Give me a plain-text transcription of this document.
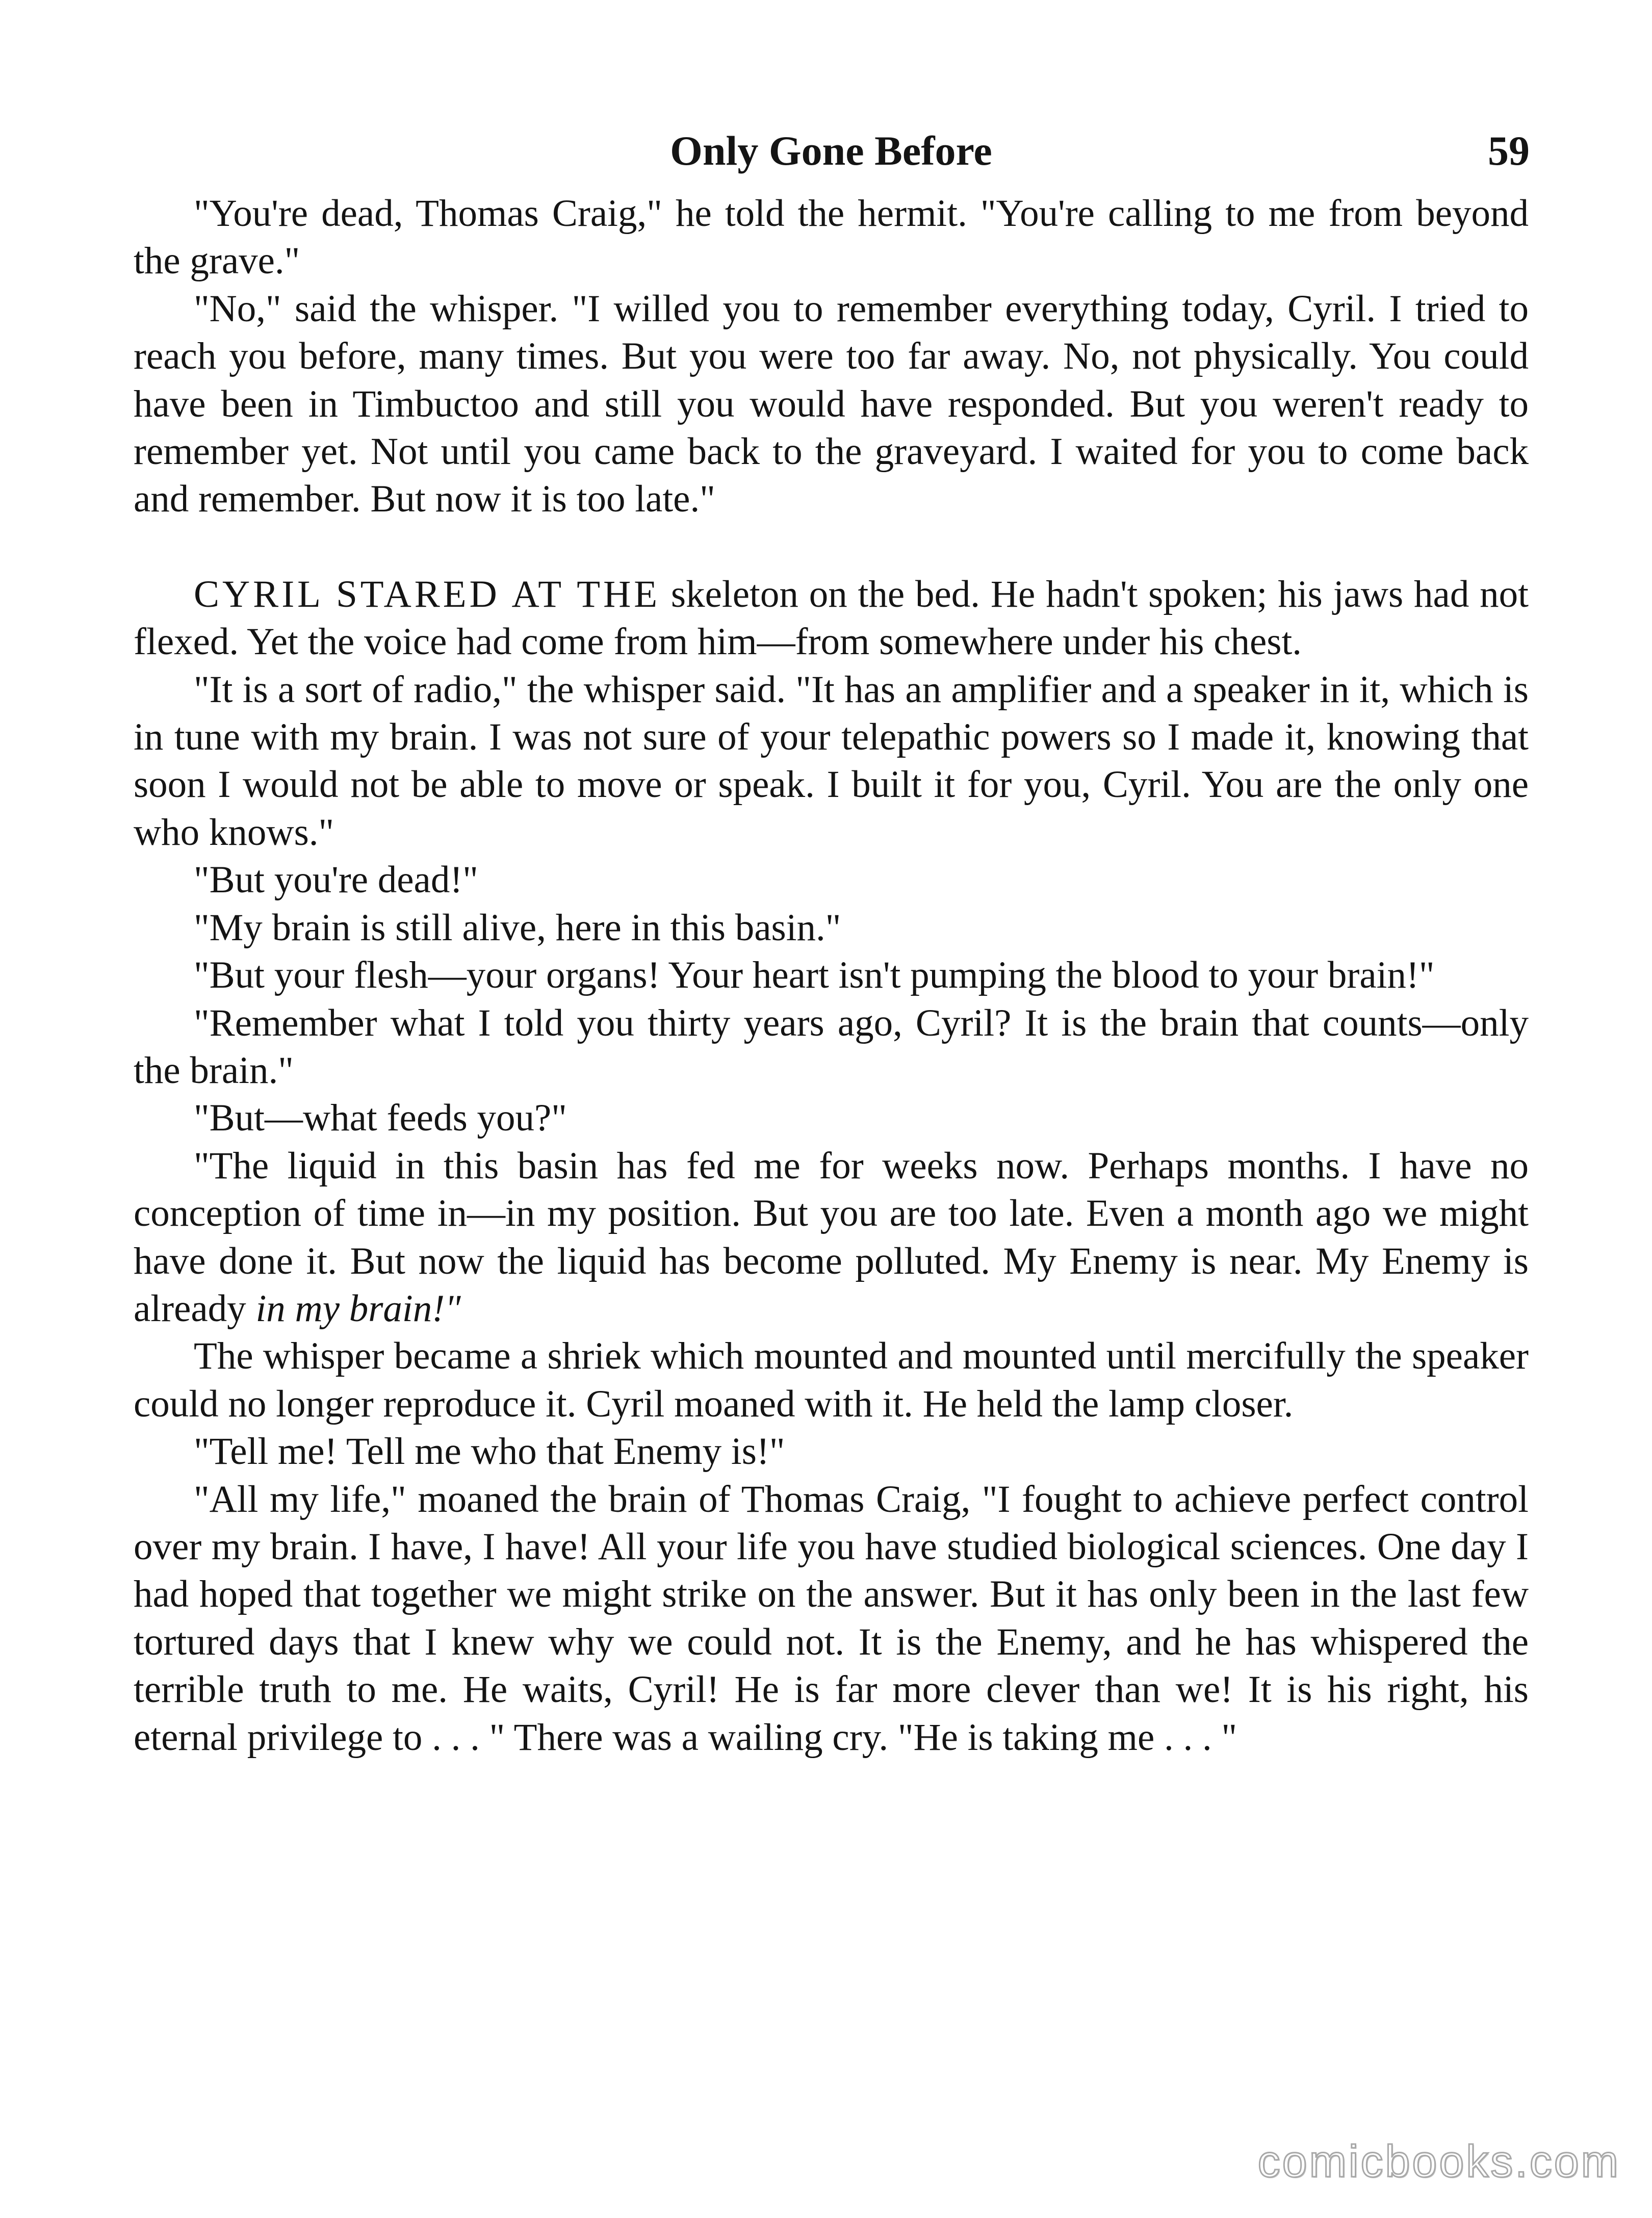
Only Gone Before	59

"You're dead, Thomas Craig," he told the hermit. "You're calling to me from beyond the grave."

"No," said the whisper. "I willed you to remember everything today, Cyril. I tried to reach you before, many times. But you were too far away. No, not physically. You could have been in Timbuctoo and still you would have responded. But you weren't ready to remember yet. Not until you came back to the graveyard. I waited for you to come back and remember. But now it is too late."

CYRIL STARED AT THE skeleton on the bed. He hadn't spoken; his jaws had not flexed. Yet the voice had come from him—from somewhere under his chest.

"It is a sort of radio," the whisper said. "It has an amplifier and a speaker in it, which is in tune with my brain. I was not sure of your telepathic powers so I made it, knowing that soon I would not be able to move or speak. I built it for you, Cyril. You are the only one who knows."

"But you're dead!"

"My brain is still alive, here in this basin."

"But your flesh—your organs! Your heart isn't pumping the blood to your brain!"

"Remember what I told you thirty years ago, Cyril? It is the brain that counts—only the brain."

"But—what feeds you?"

"The liquid in this basin has fed me for weeks now. Perhaps months. I have no conception of time in—in my position. But you are too late. Even a month ago we might have done it. But now the liquid has become polluted. My Enemy is near. My Enemy is already in my brain!"

The whisper became a shriek which mounted and mounted until mercifully the speaker could no longer reproduce it. Cyril moaned with it. He held the lamp closer.

"Tell me! Tell me who that Enemy is!"

"All my life," moaned the brain of Thomas Craig, "I fought to achieve perfect control over my brain. I have, I have! All your life you have studied biological sciences. One day I had hoped that together we might strike on the answer. But it has only been in the last few tortured days that I knew why we could not. It is the Enemy, and he has whispered the terrible truth to me. He waits, Cyril! He is far more clever than we! It is his right, his eternal privilege to . . . " There was a wailing cry. "He is taking me . . . "

comicbooks.com
